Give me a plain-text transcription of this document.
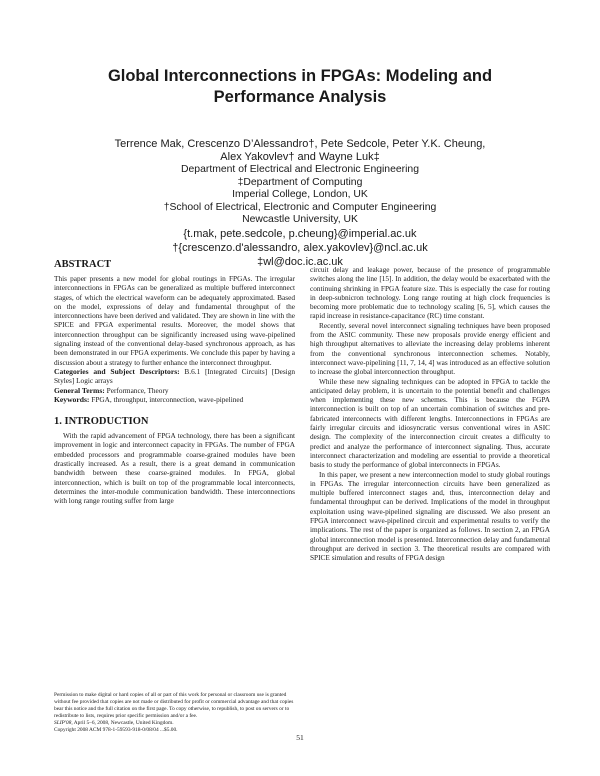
Global Interconnections in FPGAs: Modeling and
Performance Analysis
Terrence Mak, Crescenzo D’Alessandro†, Pete Sedcole, Peter Y.K. Cheung,
Alex Yakovlev† and Wayne Luk‡
Department of Electrical and Electronic Engineering
‡Department of Computing
Imperial College, London, UK
†School of Electrical, Electronic and Computer Engineering
Newcastle University, UK
{t.mak, pete.sedcole, p.cheung}@imperial.ac.uk
†{crescenzo.d'alessandro, alex.yakovlev}@ncl.ac.uk
‡wl@doc.ic.ac.uk
ABSTRACT

This paper presents a new model for global routings in FPGAs. The irregular interconnections in FPGAs can be generalized as multiple buffered interconnect stages, of which the electrical waveform can be adequately approximated. Based on the model, expressions of delay and fundamental throughput of the interconnections have been derived and validated. They are shown in line with the SPICE and FPGA experimental results. Moreover, the model shows that interconnection throughput can be significantly increased using wave-pipelined signaling instead of the conventional delay-based synchronous approach, as has been demonstrated in our FPGA experiments. We conclude this paper by having a discussion about a strategy to further enhance the interconnect throughput.

Categories and Subject Descriptors: B.6.1 [Integrated Circuits] [Design Styles] Logic arrays

General Terms: Performance, Theory

Keywords: FPGA, throughput, interconnection, wave-pipelined

1. INTRODUCTION

With the rapid advancement of FPGA technology, there has been a significant improvement in logic and interconnect capacity in FPGAs. The number of FPGA embedded processors and programmable coarse-grained modules have been drastically increased. As a result, there is a great demand in communication bandwidth between these coarse-grained modules. In FPGA, global interconnection, which is built on top of the programmable local interconnects, determines the inter-module communication bandwidth. These interconnections with long range routing suffer from large

circuit delay and leakage power, because of the presence of programmable switches along the line [15]. In addition, the delay would be exacerbated with the continuing shrinking in FPGA feature size. This is especially the case for routing in deep-subnicron technology. Long range routing at high clock frequencies is becoming more problematic due to technology scaling [6, 5], which causes the rapid increase in resistance-capacitance (RC) time constant.

Recently, several novel interconnect signaling techniques have been proposed from the ASIC community. These new proposals provide energy efficient and high throughput alternatives to alleviate the increasing delay problems inherent from the conventional synchronous interconnection schemes. Notably, interconnect wave-pipelining [11, 7, 14, 4] was introduced as an effective solution to increase the global interconnection throughput.

While these new signaling techniques can be adopted in FPGA to tackle the anticipated delay problem, it is uncertain to the potential benefit and challenges when implementing these new schemes. This is because the FGPA interconnection is built on top of an uncertain combination of switches and pre-fabricated interconnects with different lengths. Interconnections in FPGAs are fairly irregular circuits and idiosyncratic versus conventional wires in ASIC design. The complexity of the interconnection circuit creates a difficulty to predict and analyze the performance of interconnect signaling. Thus, accurate interconnect characterization and modeling are essential to provide a theoretical basis to study the performance of global interconnects in FPGAs.

In this paper, we present a new interconnection model to study global routings in FPGAs. The irregular interconnection circuits have been generalized as multiple buffered interconnect stages and, thus, interconnection delay and fundamental throughput can be derived. Implications of the model in throughput exploitation using wave-pipelined signaling are discussed. We also present an FPGA interconnect wave-pipelined circuit and experimental results to verify the implications. The rest of the paper is organized as follows. In section 2, an FPGA global interconnection model is presented. Interconnection delay and fundamental throughput are derived in section 3. The theoretical results are compared with SPICE simulation and results of FPGA design

Permission to make digital or hard copies of all or part of this work for personal or classroom use is granted without fee provided that copies are not made or distributed for profit or commercial advantage and that copies bear this notice and the full citation on the first page. To copy otherwise, to republish, to post on servers or to redistribute to lists, requires prior specific permission and/or a fee.
SLIP'08, April 5–6, 2008, Newcastle, United Kingdom.
Copyright 2008 ACM 978-1-59593-918-0/08/04 ...$5.00.
51
